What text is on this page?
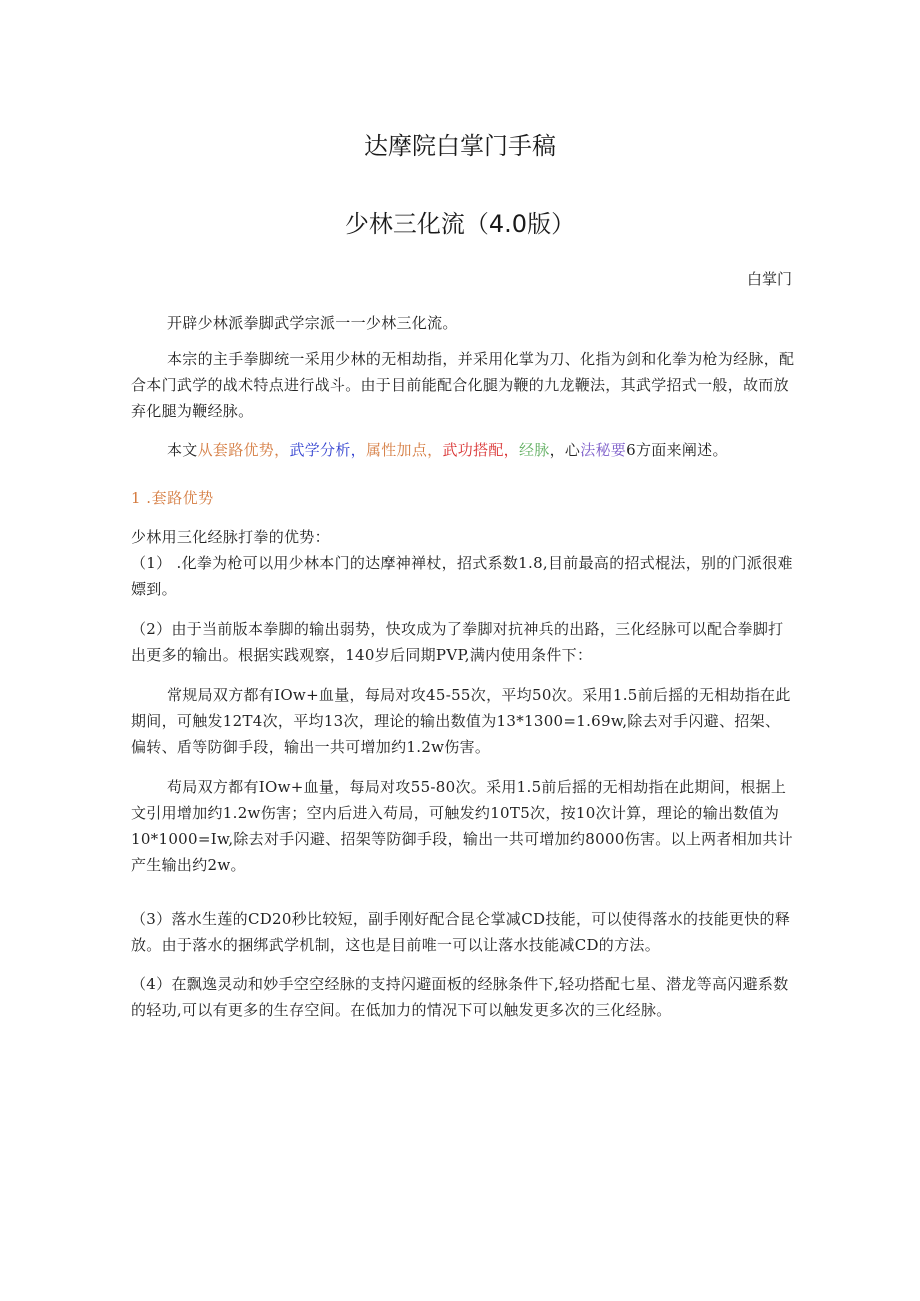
达摩院白掌门手稿
少林三化流（4.0版）
白掌门

开辟少林派拳脚武学宗派一一少林三化流。

本宗的主手拳脚统一采用少林的无相劫指，并采用化掌为刀、化指为剑和化拳为枪为经脉，配合本门武学的战术特点进行战斗。由于目前能配合化腿为鞭的九龙鞭法，其武学招式一般，故而放弃化腿为鞭经脉。

本文从套路优势，武学分析，属性加点，武功搭配，经脉，心法秘要6方面来阐述。

1 .套路优势

少林用三化经脉打拳的优势：

（1） .化拳为枪可以用少林本门的达摩神禅杖，招式系数1.8,目前最高的招式棍法，别的门派很难嫖到。

（2）由于当前版本拳脚的输出弱势，快攻成为了拳脚对抗神兵的出路，三化经脉可以配合拳脚打出更多的输出。根据实践观察，140岁后同期PVP,满内使用条件下：

常规局双方都有IOw+血量，每局对攻45-55次，平均50次。采用1.5前后摇的无相劫指在此期间，可触发12T4次，平均13次，理论的输出数值为13*1300=1.69w,除去对手闪避、招架、偏转、盾等防御手段，输出一共可增加约1.2w伤害。

苟局双方都有IOw+血量，每局对攻55-80次。采用1.5前后摇的无相劫指在此期间，根据上文引用增加约1.2w伤害；空内后进入苟局，可触发约10T5次，按10次计算，理论的输出数值为10*1000=Iw,除去对手闪避、招架等防御手段，输出一共可增加约8000伤害。以上两者相加共计产生输出约2w。

（3）落水生莲的CD20秒比较短，副手刚好配合昆仑掌减CD技能，可以使得落水的技能更快的释放。由于落水的捆绑武学机制，这也是目前唯一可以让落水技能减CD的方法。

（4）在飘逸灵动和妙手空空经脉的支持闪避面板的经脉条件下,轻功搭配七星、潜龙等高闪避系数的轻功,可以有更多的生存空间。在低加力的情况下可以触发更多次的三化经脉。
